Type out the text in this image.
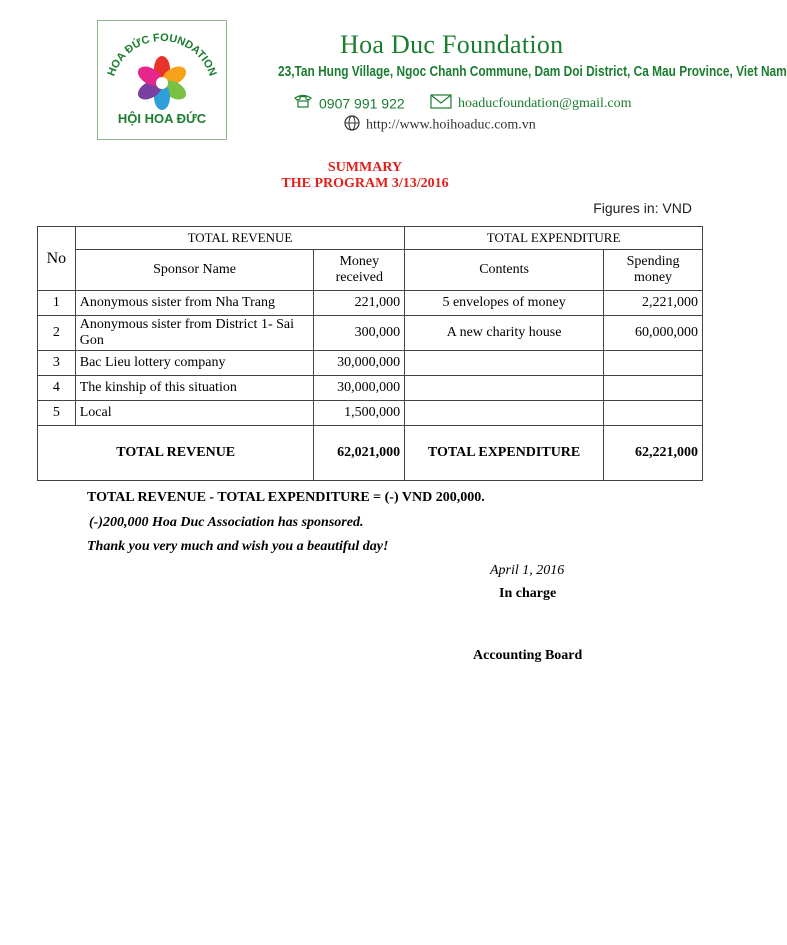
HOA ĐỨC FOUNDATION
HỘI HOA ĐỨC
Hoa Duc Foundation
23,Tan Hung Village, Ngoc Chanh Commune, Dam Doi District, Ca Mau Province, Viet Nam
0907 991 922	hoaducfoundation@gmail.com
http://www.hoihoaduc.com.vn
SUMMARY
THE PROGRAM 3/13/2016
Figures in: VND
No	TOTAL REVENUE		TOTAL EXPENDITURE	
	Sponsor Name	Money received	Contents	Spending money
1	Anonymous sister from Nha Trang	221,000	5 envelopes of money	2,221,000
2	Anonymous sister from District 1- Sai Gon	300,000	A new charity house	60,000,000
3	Bac Lieu lottery company	30,000,000		
4	The kinship of this situation	30,000,000		
5	Local	1,500,000		
TOTAL REVENUE		62,021,000	TOTAL EXPENDITURE	62,221,000
TOTAL REVENUE - TOTAL EXPENDITURE = (-) VND 200,000.
(-)200,000 Hoa Duc Association has sponsored.
Thank you very much and wish you a beautiful day!
April 1, 2016
In charge
Accounting Board
